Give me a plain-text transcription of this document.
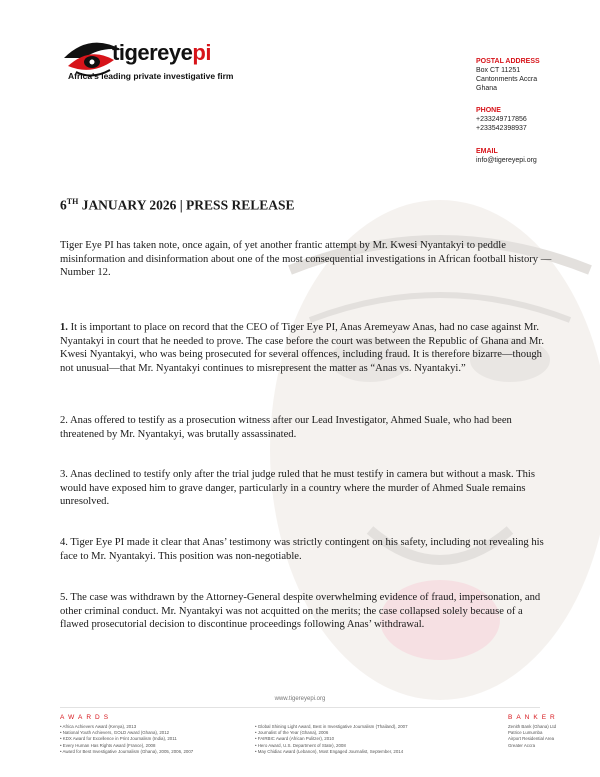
tigereyepi
Africa's leading private investigative firm
POSTAL ADDRESS
Box CT 11251
Cantonments Accra
Ghana
PHONE
+233249717856
+233542398937
EMAIL
info@tigereyepi.org
6TH JANUARY 2026 | PRESS RELEASE

Tiger Eye PI has taken note, once again, of yet another frantic attempt by Mr. Kwesi Nyantakyi to peddle misinformation and disinformation about one of the most consequential investigations in African football history — Number 12.

1. It is important to place on record that the CEO of Tiger Eye PI, Anas Aremeyaw Anas, had no case against Mr. Nyantakyi in court that he needed to prove. The case before the court was between the Republic of Ghana and Mr. Kwesi Nyantakyi, who was being prosecuted for several offences, including fraud. It is therefore bizarre—though not unusual—that Mr. Nyantakyi continues to misrepresent the matter as “Anas vs. Nyantakyi.”

2. Anas offered to testify as a prosecution witness after our Lead Investigator, Ahmed Suale, who had been threatened by Mr. Nyantakyi, was brutally assassinated.

3. Anas declined to testify only after the trial judge ruled that he must testify in camera but without a mask. This would have exposed him to grave danger, particularly in a country where the murder of Ahmed Suale remains unresolved.

4. Tiger Eye PI made it clear that Anas’ testimony was strictly contingent on his safety, including not revealing his face to Mr. Nyantakyi. This position was non-negotiable.

5. The case was withdrawn by the Attorney-General despite overwhelming evidence of fraud, impersonation, and other criminal conduct. Mr. Nyantakyi was not acquitted on the merits; the case collapsed solely because of a flawed prosecutorial decision to discontinue proceedings following Anas’ withdrawal.

www.tigereyepi.org
AWARDS	BANKER
• Africa Achievers Award (Kenya), 2013
• National Youth Achievers, GOLD Award (Ghana), 2012
• KDX Award for Excellence in Print Journalism (India), 2011
• Every Human Has Rights Award (France), 2008
• Award for Best Investigative Journalism (Ghana), 2005, 2006, 2007
• Global Shining Light Award, Best in Investigative Journalism (Thailand), 2007
• Journalist of the Year (Ghana), 2006
• FAIRBIC Award (African Pulitzer), 2010
• Hero Award, U.S. Department of State), 2008
• May Chidiac Award (Lebanon), Most Engaged Journalist, September, 2014
Zenith Bank (Ghana) Ltd
Patrice Lumumba
Airport Residential Area
Greater Accra
